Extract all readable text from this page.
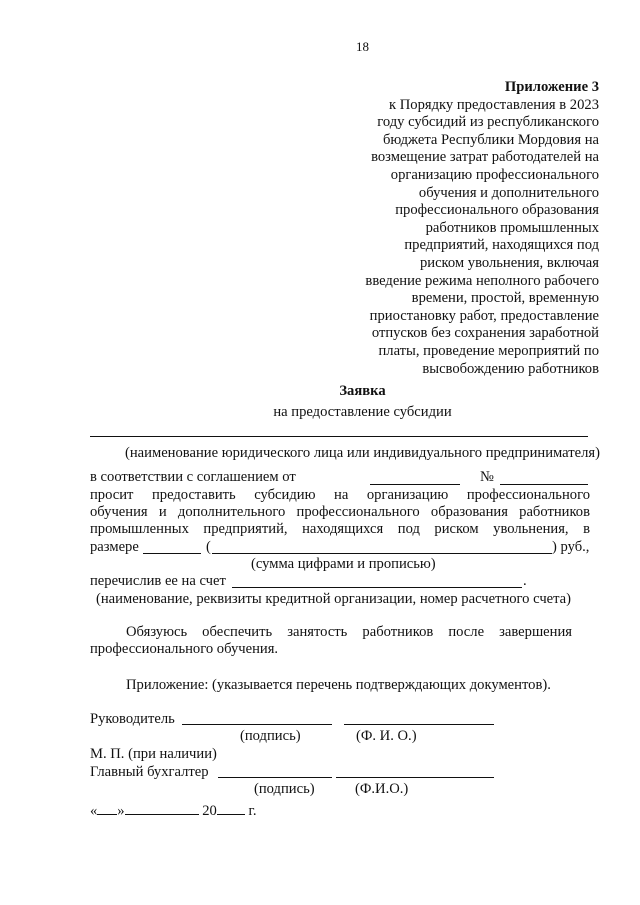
18
Приложение 3
к Порядку предоставления в 2023
году субсидий из республиканского
бюджета Республики Мордовия на
возмещение затрат работодателей на
организацию профессионального
обучения и дополнительного
профессионального образования
работников промышленных
предприятий, находящихся под
риском увольнения, включая
введение режима неполного рабочего
времени, простой, временную
приостановку работ, предоставление
отпусков без сохранения заработной
платы, проведение мероприятий по
высвобождению работников
Заявка
на предоставление субсидии
(наименование юридического лица или индивидуального предпринимателя)
в соответствии с соглашением от	№
просит предоставить субсидию на организацию профессионального
обучения и дополнительного профессионального образования работников
промышленных предприятий, находящихся под риском увольнения, в
размере	(	) руб.,
(сумма цифрами и прописью)
перечислив ее на счет	.
(наименование, реквизиты кредитной организации, номер расчетного счета)
Обязуюсь обеспечить занятость работников после завершения
профессионального обучения.
Приложение: (указывается перечень подтверждающих документов).
Руководитель
(подпись)	(Ф. И. О.)
М. П. (при наличии)
Главный бухгалтер
(подпись)	(Ф.И.О.)
« »	20 г.
